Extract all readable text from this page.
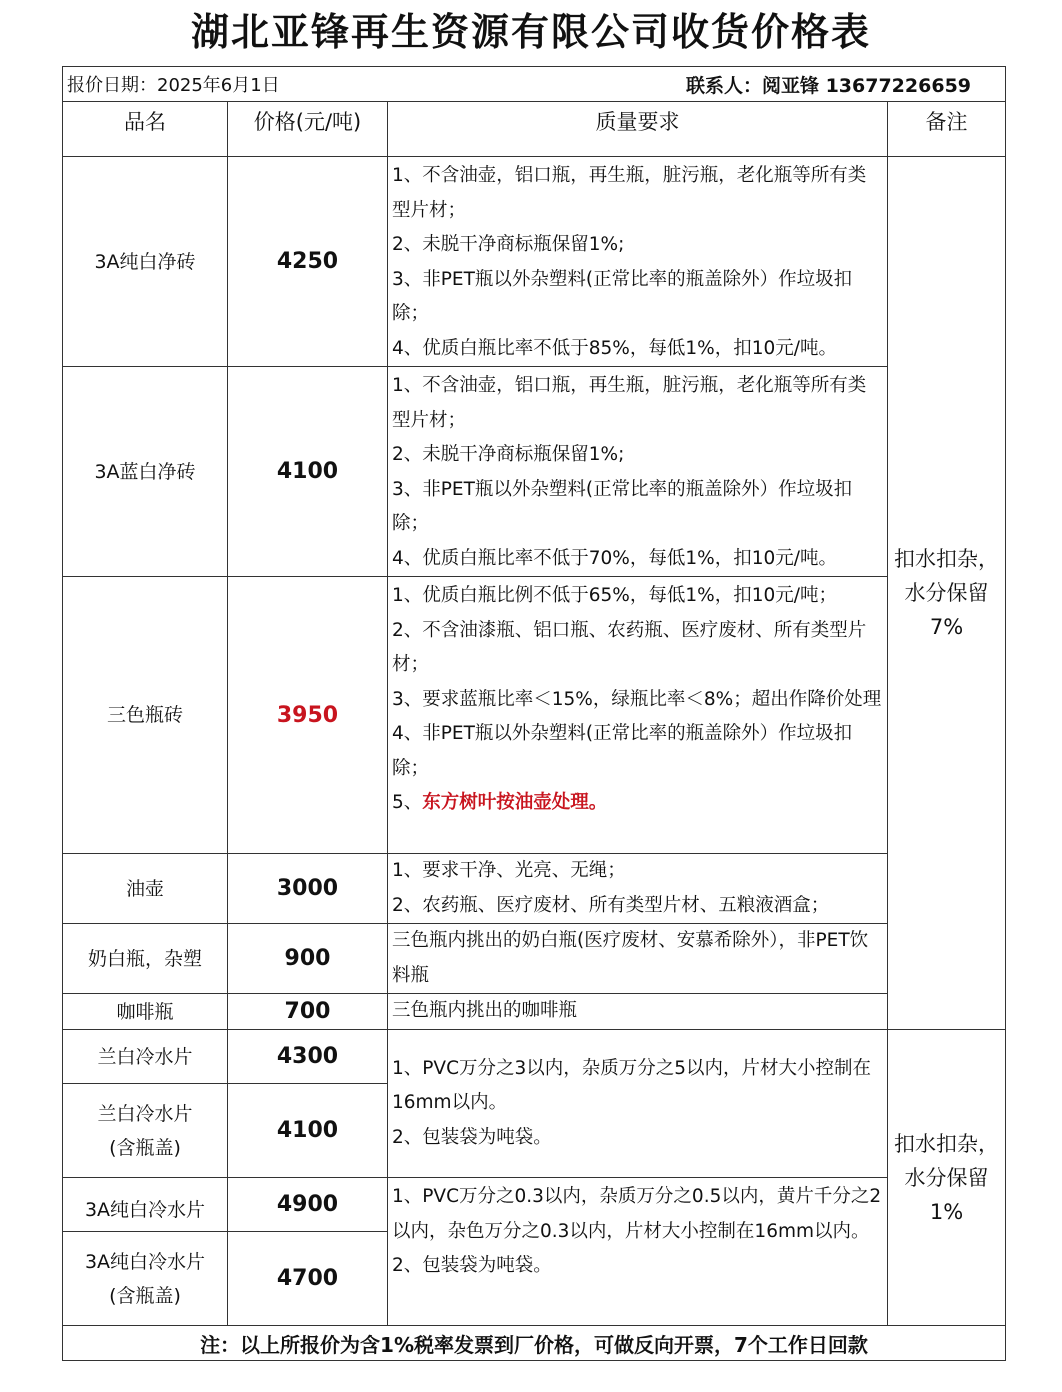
湖北亚锋再生资源有限公司收货价格表
报价日期：2025年6月1日 联系人：阅亚锋 13677226659			

品名	价格(元/吨)	质量要求	备注
3A纯白净砖	4250	1、不含油壶，铝口瓶，再生瓶，脏污瓶，老化瓶等所有类型片材；
2、未脱干净商标瓶保留1%;
3、非PET瓶以外杂塑料(正常比率的瓶盖除外）作垃圾扣除；
4、优质白瓶比率不低于85%，每低1%，扣10元/吨。	扣水扣杂，水分保留7%
3A蓝白净砖	4100	1、不含油壶，铝口瓶，再生瓶，脏污瓶，老化瓶等所有类型片材；
2、未脱干净商标瓶保留1%;
3、非PET瓶以外杂塑料(正常比率的瓶盖除外）作垃圾扣除；
4、优质白瓶比率不低于70%，每低1%，扣10元/吨。	

三色瓶砖	3950	1、优质白瓶比例不低于65%，每低1%，扣10元/吨；
2、不含油漆瓶、铝口瓶、农药瓶、医疗废材、所有类型片材；
3、要求蓝瓶比率＜15%，绿瓶比率＜8%；超出作降价处理
4、非PET瓶以外杂塑料(正常比率的瓶盖除外）作垃圾扣除；
5、东方树叶按油壶处理。	

油壶	3000	1、要求干净、光亮、无绳；
2、农药瓶、医疗废材、所有类型片材、五粮液酒盒；	

奶白瓶，杂塑	900	三色瓶内挑出的奶白瓶(医疗废材、安慕希除外），非PET饮料瓶	

咖啡瓶	700	三色瓶内挑出的咖啡瓶	

兰白冷水片	4300	1、PVC万分之3以内，杂质万分之5以内，片材大小控制在16mm以内。
2、包装袋为吨袋。	扣水扣杂，水分保留1%

兰白冷水片
(含瓶盖)	4100		
3A纯白冷水片	4900	1、PVC万分之0.3以内，杂质万分之0.5以内，黄片千分之2以内，杂色万分之0.3以内，片材大小控制在16mm以内。
2、包装袋为吨袋。	

3A纯白冷水片
(含瓶盖)	4700		
注：以上所报价为含1%税率发票到厂价格，可做反向开票，7个工作日回款			
